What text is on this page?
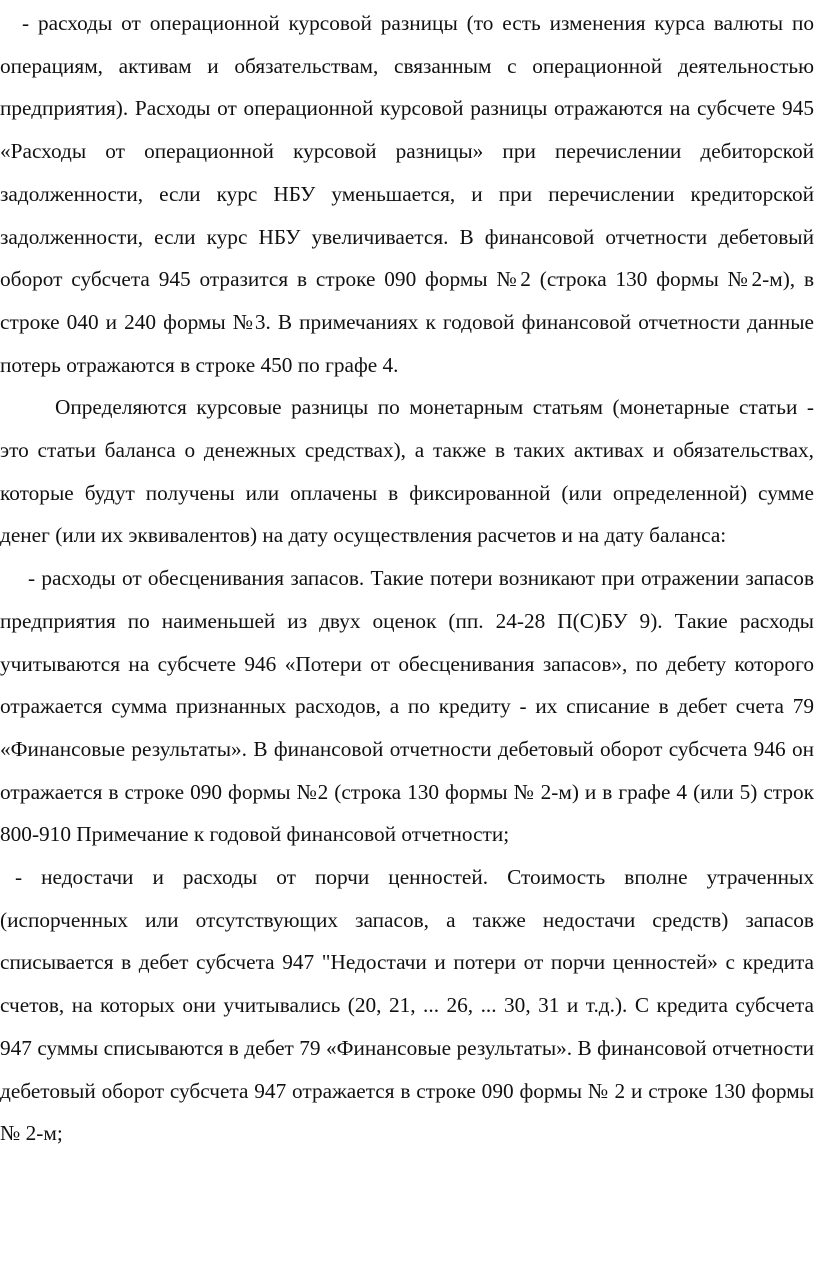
- расходы от операционной курсовой разницы (то есть изменения курса валюты по операциям, активам и обязательствам, связанным с операционной деятельностью предприятия). Расходы от операционной курсовой разницы отражаются на субсчете 945 «Расходы от операционной курсовой разницы» при перечислении дебиторской задолженности, если курс НБУ уменьшается, и при перечислении кредиторской задолженности, если курс НБУ увеличивается. В финансовой отчетности дебетовый оборот субсчета 945 отразится в строке 090 формы №2 (строка 130 формы №2-м), в строке 040 и 240 формы №3. В примечаниях к годовой финансовой отчетности данные потерь отражаются в строке 450 по графе 4.

Определяются курсовые разницы по монетарным статьям (монетарные статьи - это статьи баланса о денежных средствах), а также в таких активах и обязательствах, которые будут получены или оплачены в фиксированной (или определенной) сумме денег (или их эквивалентов) на дату осуществления расчетов и на дату баланса:

- расходы от обесценивания запасов. Такие потери возникают при отражении запасов предприятия по наименьшей из двух оценок (пп. 24-28 П(С)БУ 9). Такие расходы учитываются на субсчете 946 «Потери от обесценивания запасов», по дебету которого отражается сумма признанных расходов, а по кредиту - их списание в дебет счета 79 «Финансовые результаты». В финансовой отчетности дебетовый оборот субсчета 946 он отражается в строке 090 формы №2 (строка 130 формы № 2-м) и в графе 4 (или 5) строк 800-910 Примечание к годовой финансовой отчетности;

- недостачи и расходы от порчи ценностей. Стоимость вполне утраченных (испорченных или отсутствующих запасов, а также недостачи средств) запасов списывается в дебет субсчета 947 "Недостачи и потери от порчи ценностей» с кредита счетов, на которых они учитывались (20, 21, ... 26, ... 30, 31 и т.д.). С кредита субсчета 947 суммы списываются в дебет 79 «Финансовые результаты». В финансовой отчетности дебетовый оборот субсчета 947 отражается в строке 090 формы № 2 и строке 130 формы № 2-м;
